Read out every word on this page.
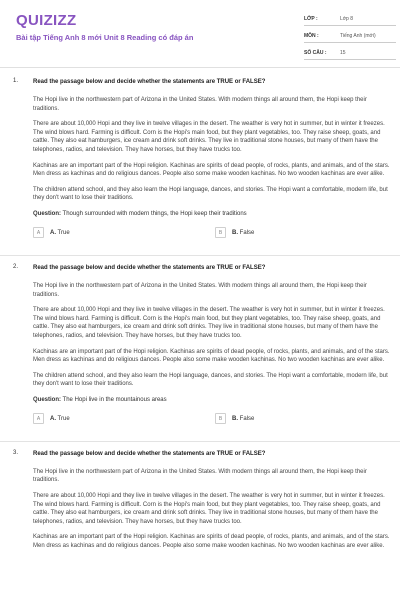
QUIZIZZ
Bài tập Tiếng Anh 8 mới Unit 8 Reading có đáp án
LỚP :	Lớp 8
MÔN :	Tiếng Anh (mới)
SỐ CÂU :	15
1. Read the passage below and decide whether the statements are TRUE or FALSE?

The Hopi live in the northwestern part of Arizona in the United States. With modern things all around them, the Hopi keep their traditions.

There are about 10,000 Hopi and they live in twelve villages in the desert. The weather is very hot in summer, but in winter it freezes. The wind blows hard. Farming is difficult. Corn is the Hopi's main food, but they plant vegetables, too. They raise sheep, goats, and cattle. They also eat hamburgers, ice cream and drink soft drinks. They live in traditional stone houses, but many of them have the telephones, radios, and television. They have horses, but they have trucks too.

Kachinas are an important part of the Hopi religion. Kachinas are spirits of dead people, of rocks, plants, and animals, and of the stars. Men dress as kachinas and do religious dances. People also some make wooden kachinas. No two wooden kachinas are ever alike.

The children attend school, and they also learn the Hopi language, dances, and stories. The Hopi want a comfortable, modern life, but they don't want to lose their traditions.

Question: Though surrounded with modern things, the Hopi keep their traditions
A	A. True	B	B. False
2. Read the passage below and decide whether the statements are TRUE or FALSE?

The Hopi live in the northwestern part of Arizona in the United States. With modern things all around them, the Hopi keep their traditions.

There are about 10,000 Hopi and they live in twelve villages in the desert. The weather is very hot in summer, but in winter it freezes. The wind blows hard. Farming is difficult. Corn is the Hopi's main food, but they plant vegetables, too. They raise sheep, goats, and cattle. They also eat hamburgers, ice cream and drink soft drinks. They live in traditional stone houses, but many of them have the telephones, radios, and television. They have horses, but they have trucks too.

Kachinas are an important part of the Hopi religion. Kachinas are spirits of dead people, of rocks, plants, and animals, and of the stars. Men dress as kachinas and do religious dances. People also some make wooden kachinas. No two wooden kachinas are ever alike.

The children attend school, and they also learn the Hopi language, dances, and stories. The Hopi want a comfortable, modern life, but they don't want to lose their traditions.

Question: The Hopi live in the mountainous areas
A	A. True	B	B. False
3. Read the passage below and decide whether the statements are TRUE or FALSE?

The Hopi live in the northwestern part of Arizona in the United States. With modern things all around them, the Hopi keep their traditions.

There are about 10,000 Hopi and they live in twelve villages in the desert. The weather is very hot in summer, but in winter it freezes. The wind blows hard. Farming is difficult. Corn is the Hopi's main food, but they plant vegetables, too. They raise sheep, goats, and cattle. They also eat hamburgers, ice cream and drink soft drinks. They live in traditional stone houses, but many of them have the telephones, radios, and television. They have horses, but they have trucks too.

Kachinas are an important part of the Hopi religion. Kachinas are spirits of dead people, of rocks, plants, and animals, and of the stars. Men dress as kachinas and do religious dances. People also some make wooden kachinas. No two wooden kachinas are ever alike.
